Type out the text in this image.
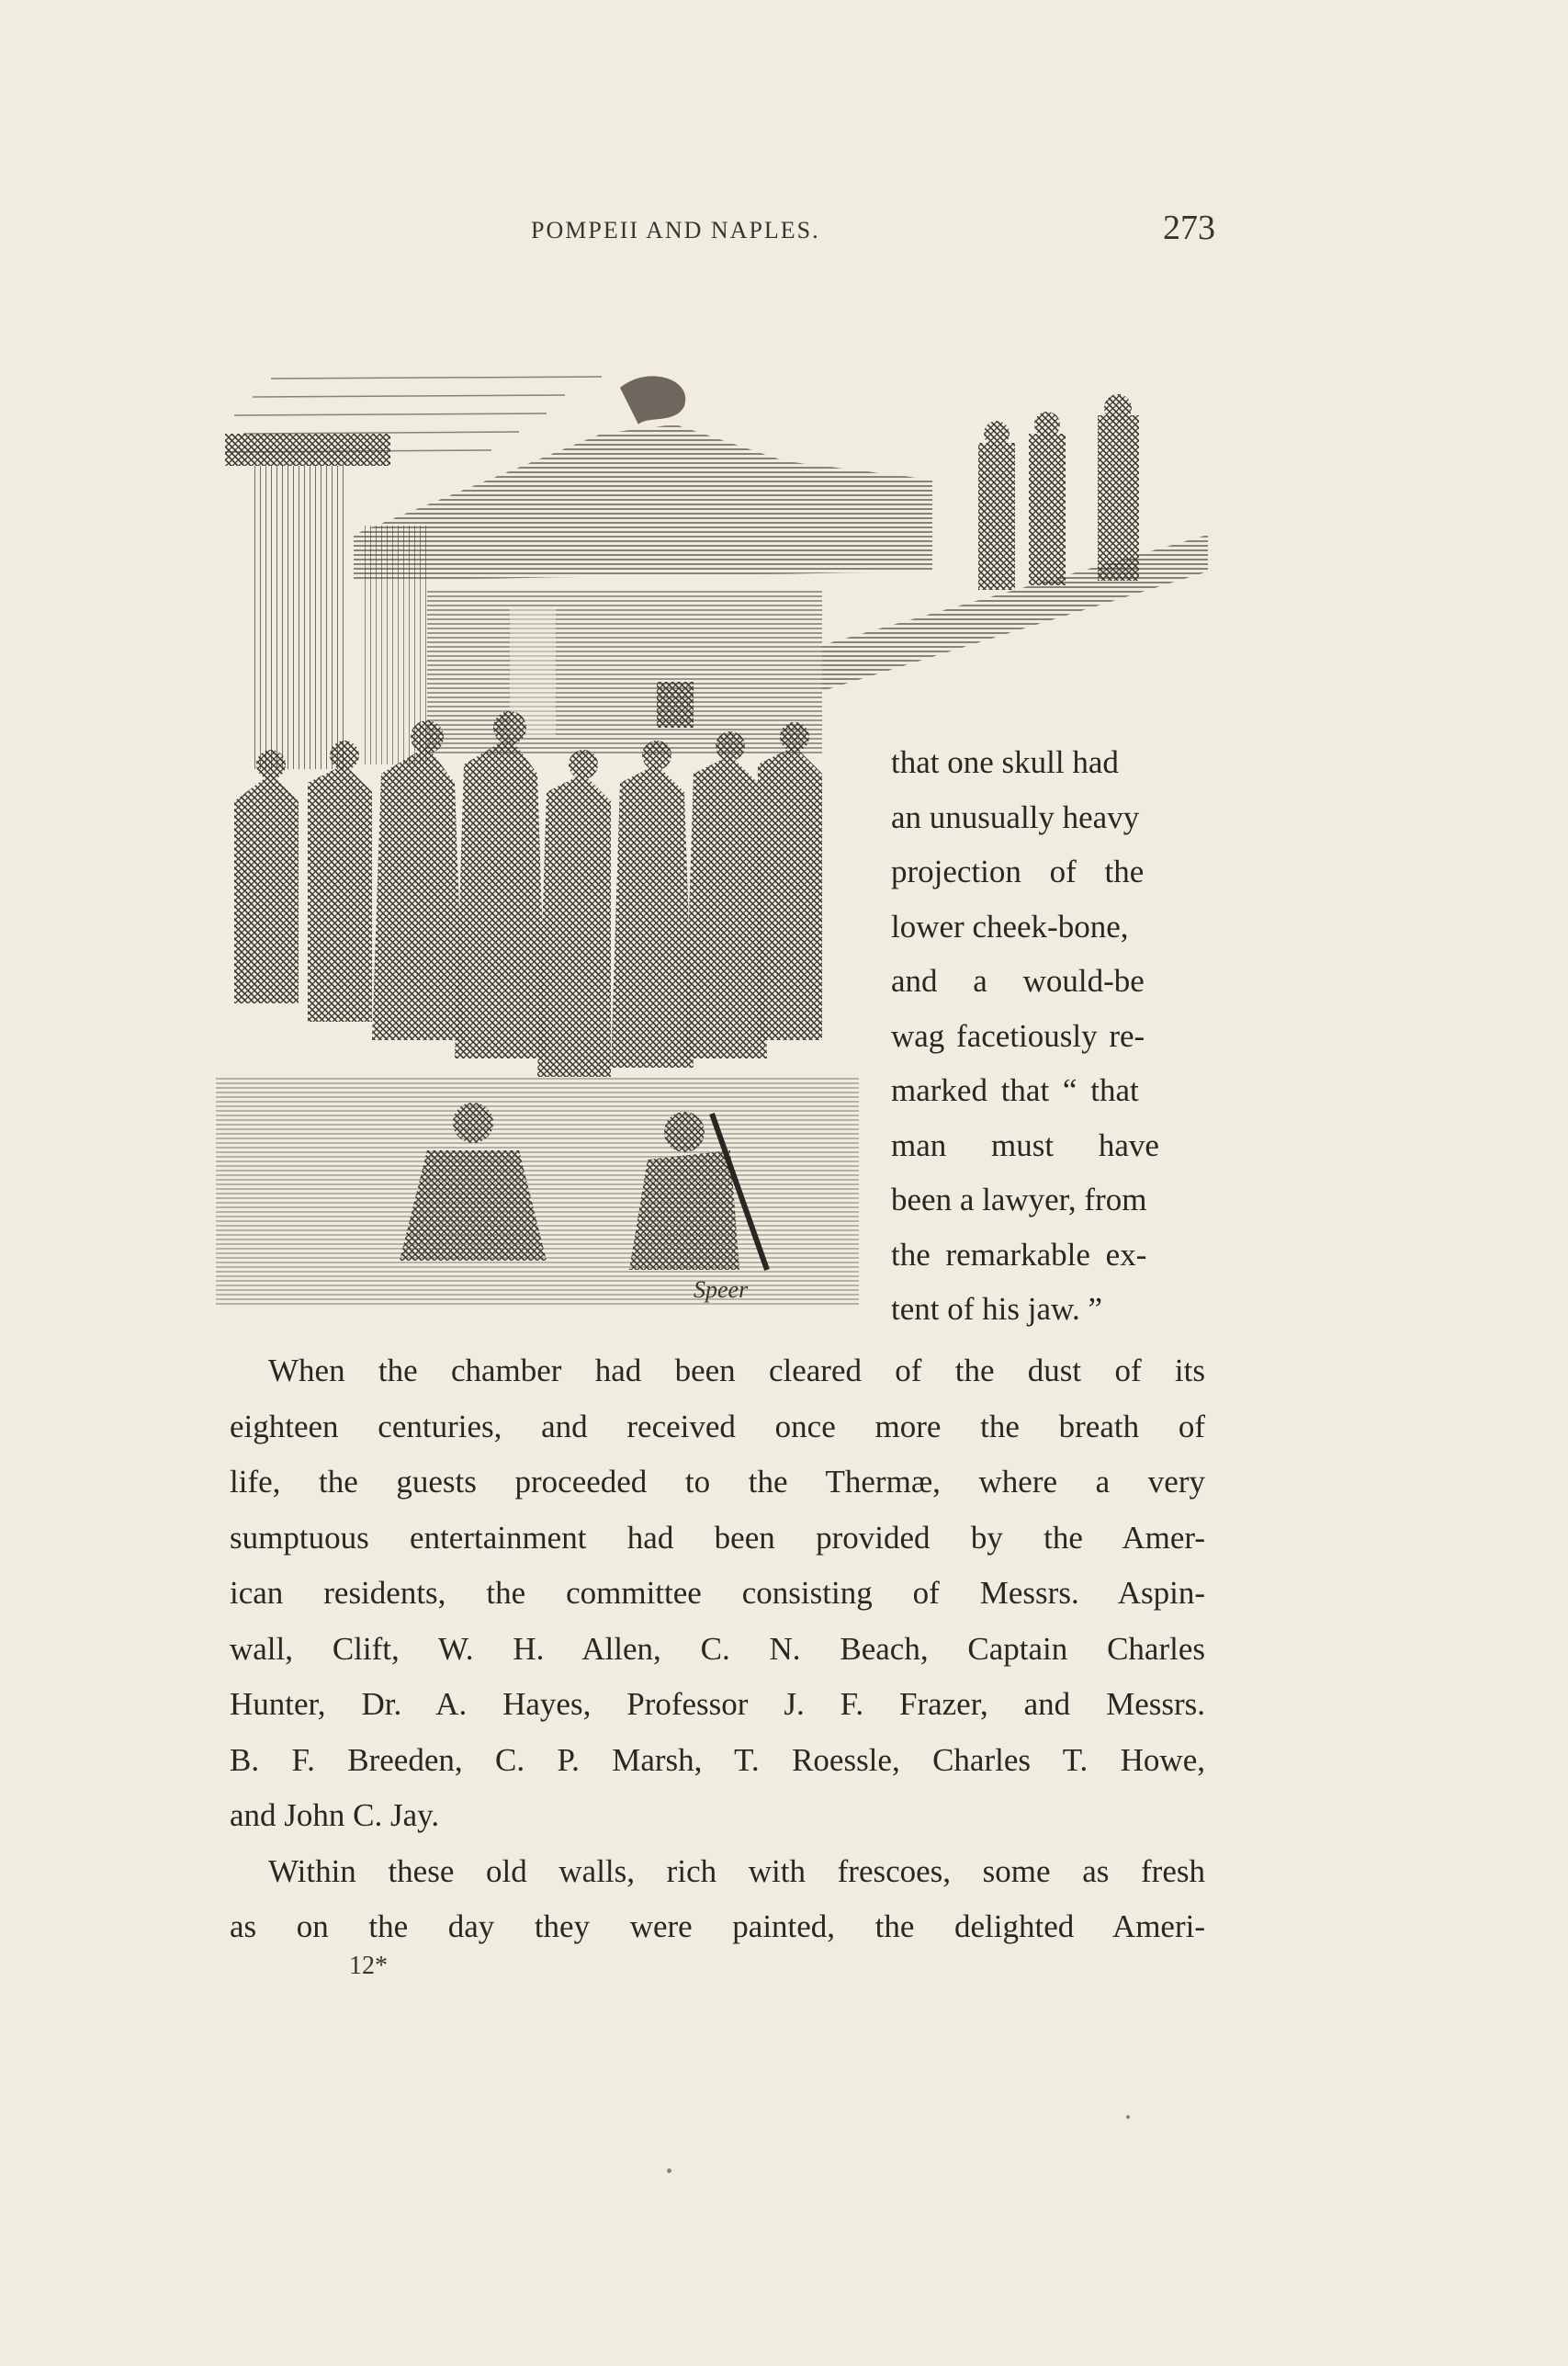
POMPEII AND NAPLES.	273
Speer
that one skull had
an unusually heavy
projection of the
lower cheek-bone,
and a would-be
wag facetiously re-
marked that “ that
man must have
been a lawyer, from
the remarkable ex-
tent of his jaw. ”
When the chamber had been cleared of the dust of its
eighteen centuries, and received once more the breath of
life, the guests proceeded to the Thermæ, where a very
sumptuous entertainment had been provided by the Amer-
ican residents, the committee consisting of Messrs. Aspin-
wall, Clift, W. H. Allen, C. N. Beach, Captain Charles
Hunter, Dr. A. Hayes, Professor J. F. Frazer, and Messrs.
B. F. Breeden, C. P. Marsh, T. Roessle, Charles T. Howe,
and John C. Jay.
Within these old walls, rich with frescoes, some as fresh
as on the day they were painted, the delighted Ameri-
12*
